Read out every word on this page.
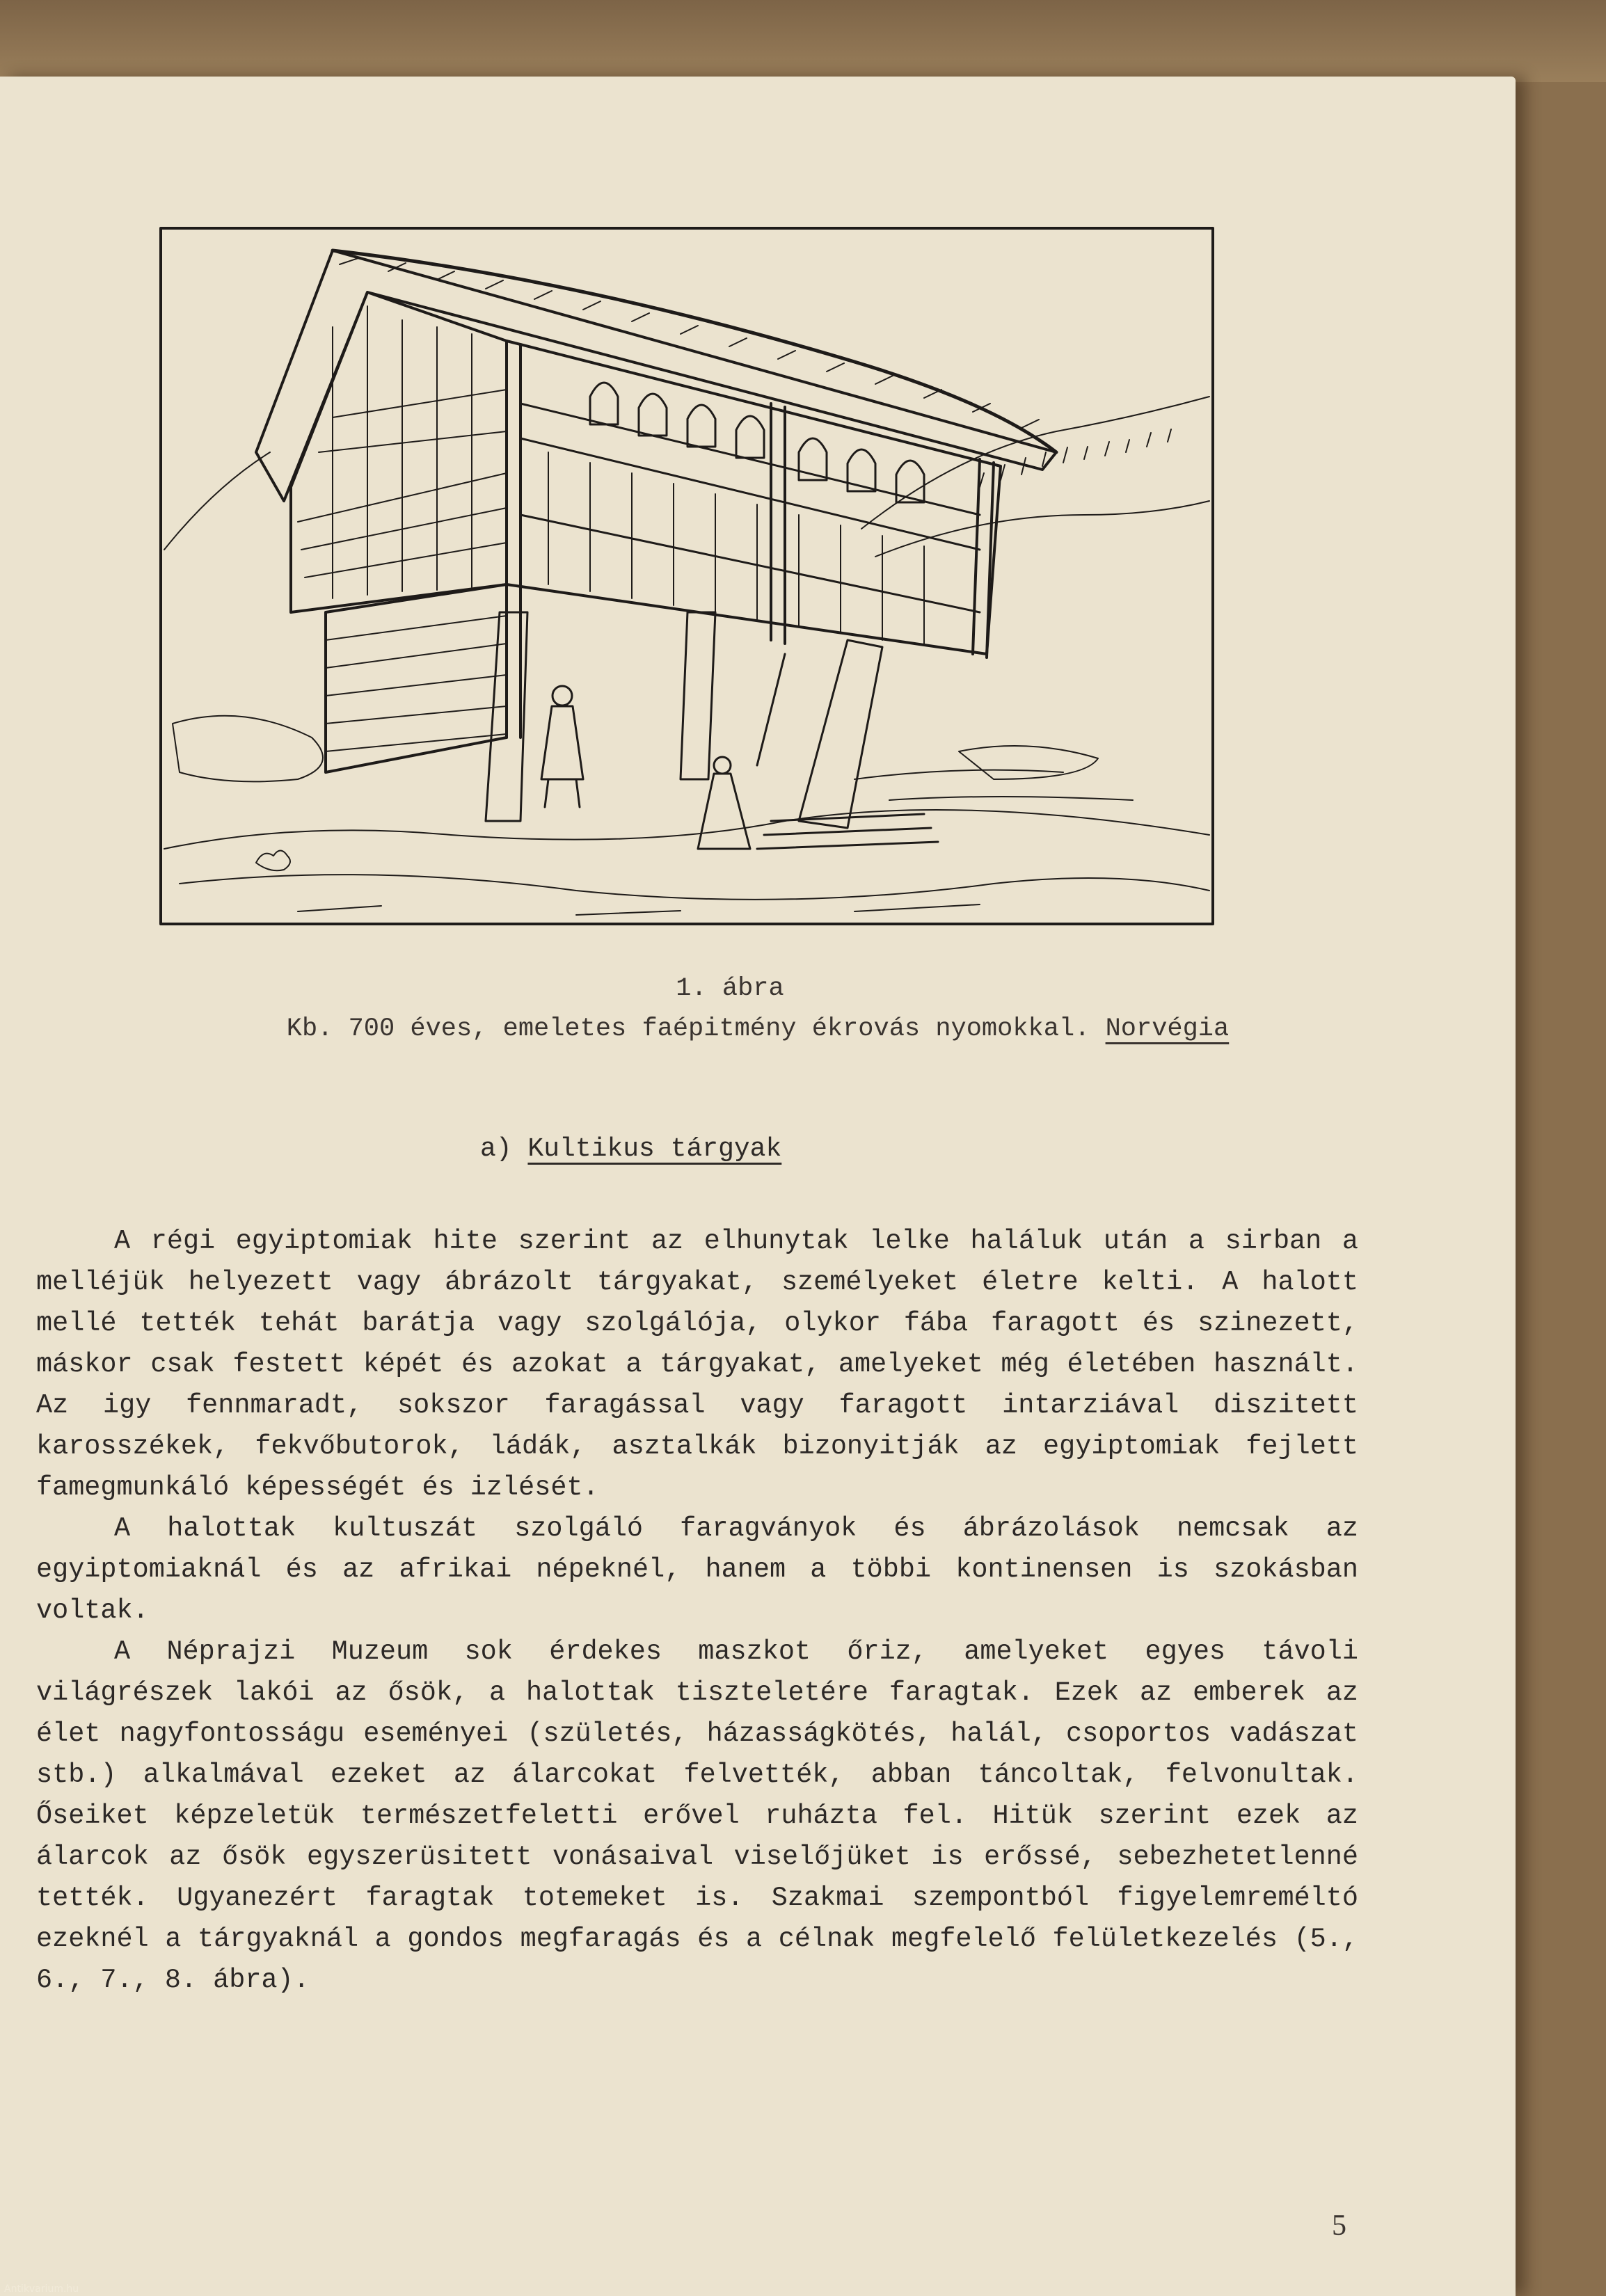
1. ábra
Kb. 700 éves, emeletes faépitmény ékrovás nyomokkal. Norvégia
a) Kultikus tárgyak

A régi egyiptomiak hite szerint az elhunytak lelke haláluk után a sirban a melléjük helyezett vagy ábrázolt tárgyakat, személyeket életre kelti. A halott mellé tették tehát barátja vagy szolgálója, olykor fába faragott és szinezett, máskor csak festett képét és azokat a tárgyakat, amelyeket még életében használt. Az igy fennmaradt, sokszor faragással vagy faragott intarziával diszitett karosszékek, fekvőbutorok, ládák, asztalkák bizonyitják az egyiptomiak fejlett famegmunkáló képességét és izlését.

A halottak kultuszát szolgáló faragványok és ábrázolások nemcsak az egyiptomiaknál és az afrikai népeknél, hanem a többi kontinensen is szokásban voltak.

A Néprajzi Muzeum sok érdekes maszkot őriz, amelyeket egyes távoli világrészek lakói az ősök, a halottak tiszteletére faragtak. Ezek az emberek az élet nagyfontosságu eseményei (születés, házasságkötés, halál, csoportos vadászat stb.) alkalmával ezeket az álarcokat felvették, abban táncoltak, felvonultak. Őseiket képzeletük természetfeletti erővel ruházta fel. Hitük szerint ezek az álarcok az ősök egyszerüsitett vonásaival viselőjüket is erőssé, sebezhetetlenné tették. Ugyanezért faragtak totemeket is. Szakmai szempontból figyelemreméltó ezeknél a tárgyaknál a gondos megfaragás és a célnak megfelelő felületkezelés (5., 6., 7., 8. ábra).

5
Antikvarium.hu
